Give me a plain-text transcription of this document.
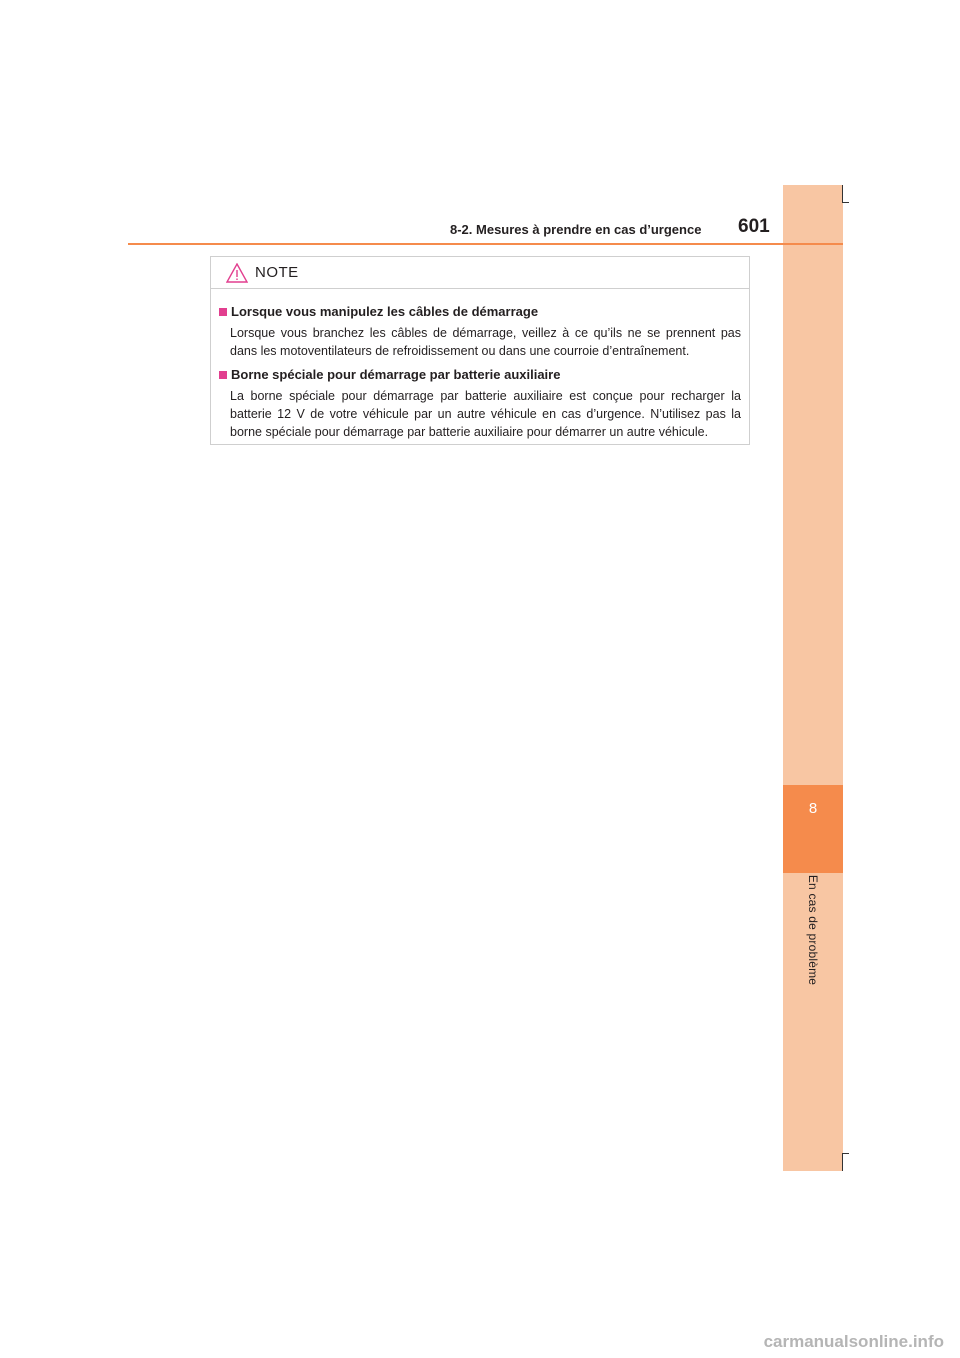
8
En cas de problème
8-2. Mesures à prendre en cas d’urgence 601
NOTE
Lorsque vous manipulez les câbles de démarrage
Lorsque vous branchez les câbles de démarrage, veillez à ce qu’ils ne se prennent pas dans les motoventilateurs de refroidissement ou dans une courroie d’entraînement.
Borne spéciale pour démarrage par batterie auxiliaire
La borne spéciale pour démarrage par batterie auxiliaire est conçue pour recharger la batterie 12 V de votre véhicule par un autre véhicule en cas d’urgence. N’utilisez pas la borne spéciale pour démarrage par batterie auxiliaire pour démarrer un autre véhicule.
carmanualsonline.info
